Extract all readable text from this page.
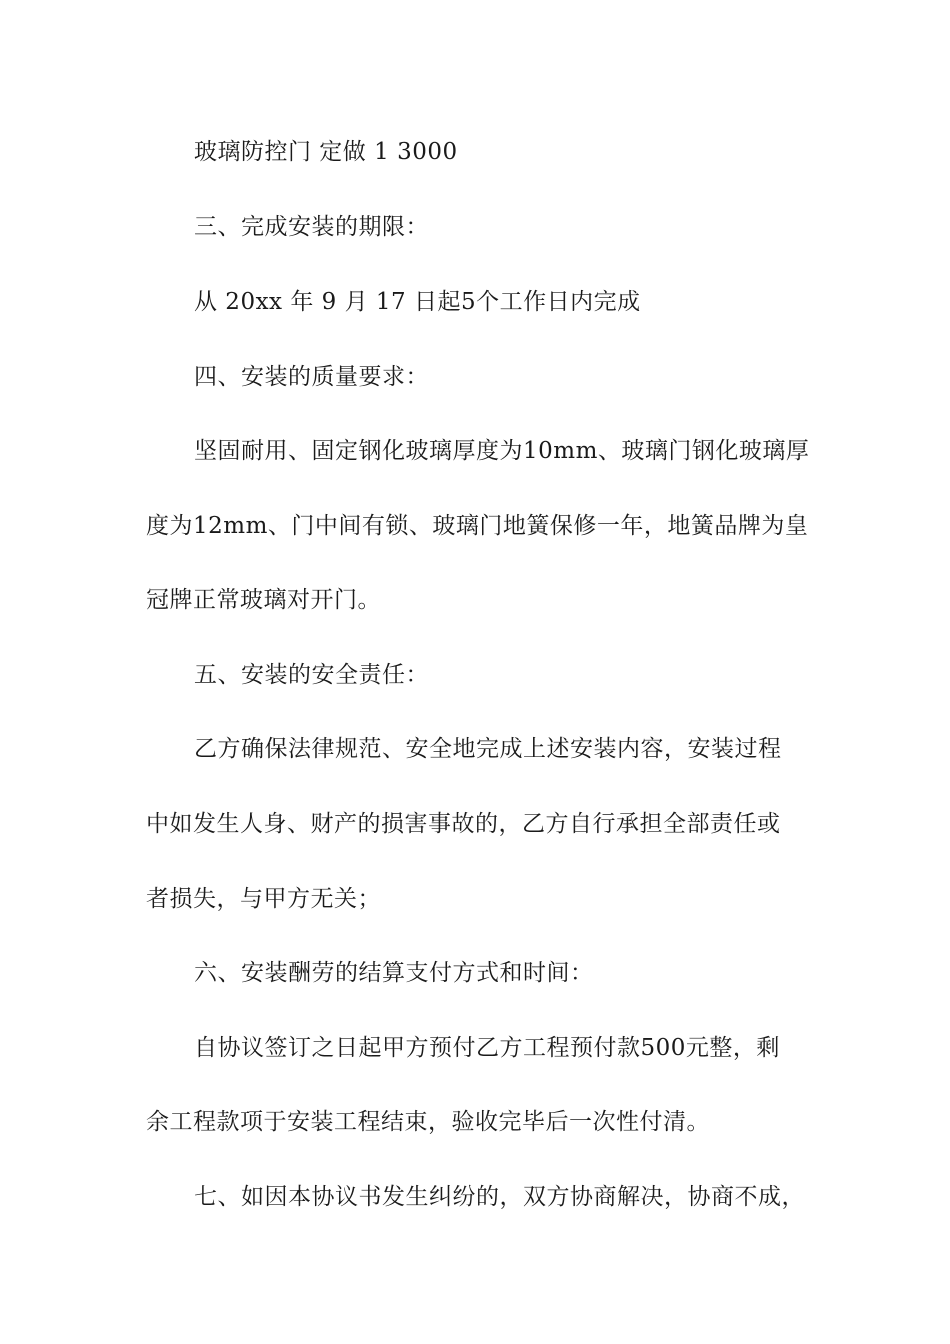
玻璃防控门 定做 1 3000
三、完成安装的期限：
从 20xx 年 9 月 17 日起5个工作日内完成
四、安装的质量要求：
坚固耐用、固定钢化玻璃厚度为10mm、玻璃门钢化玻璃厚
度为12mm、门中间有锁、玻璃门地簧保修一年，地簧品牌为皇
冠牌正常玻璃对开门。
五、安装的安全责任：
乙方确保法律规范、安全地完成上述安装内容，安装过程
中如发生人身、财产的损害事故的，乙方自行承担全部责任或
者损失，与甲方无关；
六、安装酬劳的结算支付方式和时间：
自协议签订之日起甲方预付乙方工程预付款500元整，剩
余工程款项于安装工程结束，验收完毕后一次性付清。
七、如因本协议书发生纠纷的，双方协商解决，协商不成，
